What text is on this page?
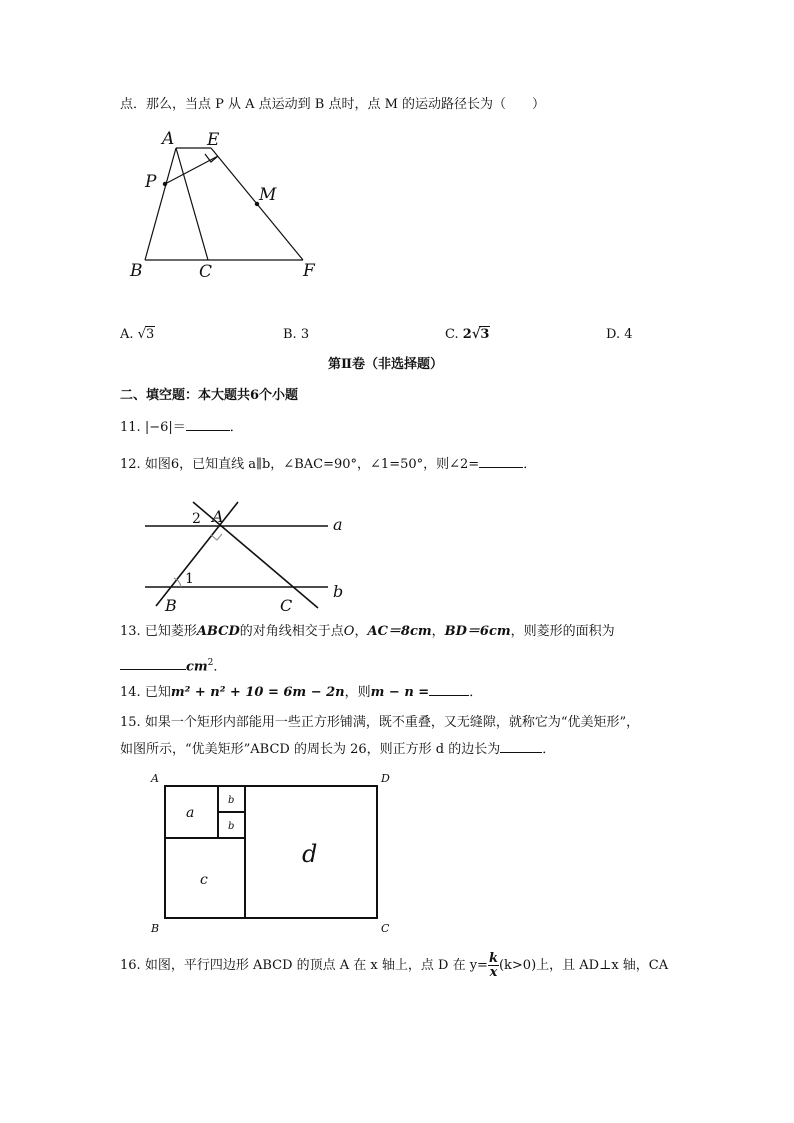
点．那么，当点 P 从 A 点运动到 B 点时，点 M 的运动路径长为（　　）
A E
P
M
B	C	F
A. √3	B. 3	C. 2√3	D. 4
第Ⅱ卷（非选择题）
二、填空题：本大题共6个小题
11. |−6|＝	．
12. 如图6，已知直线 a∥b，∠BAC=90°，∠1=50°，则∠2=	．
A
B	C
a
b
1
2
13. 已知菱形ABCD的对角线相交于点O，AC＝8cm，BD＝6cm，则菱形的面积为
$cm^2$．
14. 已知m² + n² + 10 = 6m − 2n，则m − n =	．
15. 如果一个矩形内部能用一些正方形铺满，既不重叠，又无缝隙，就称它为“优美矩形”，
如图所示，“优美矩形”ABCD 的周长为 26，则正方形 d 的边长为	．
A	D
B	C
a
b
b
c
d
16. 如图，平行四边形 ABCD 的顶点 A 在 x 轴上，点 D 在 $y= \frac{k}{x} (k>0)$上，且 AD⊥x 轴，CA
